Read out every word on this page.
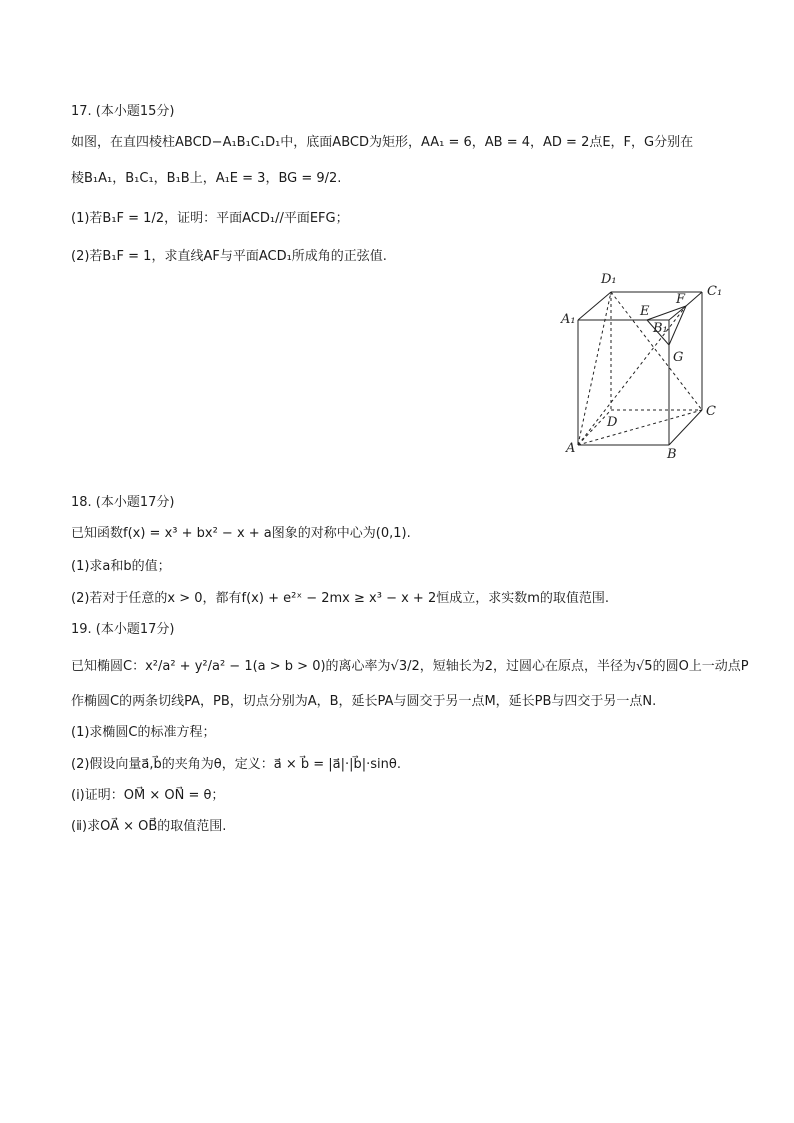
17. (本小题15分)
如图，在直四棱柱ABCD−A₁B₁C₁D₁中，底面ABCD为矩形，AA₁ = 6，AB = 4，AD = 2点E，F，G分别在
棱B₁A₁，B₁C₁，B₁B上，A₁E = 3，BG = 9/2.
(1)若B₁F = 1/2，证明：平面ACD₁//平面EFG；
(2)若B₁F = 1，求直线AF与平面ACD₁所成角的正弦值.
D₁
C₁
A₁
E
F
B₁
G
C
D
A	B
18. (本小题17分)
已知函数f(x) = x³ + bx² − x + a图象的对称中心为(0,1).
(1)求a和b的值；
(2)若对于任意的x > 0，都有f(x) + e²ˣ − 2mx ≥ x³ − x + 2恒成立，求实数m的取值范围.
19. (本小题17分)
已知椭圆C：x²/a² + y²/a² − 1(a > b > 0)的离心率为√3/2，短轴长为2，过圆心在原点，半径为√5的圆O上一动点P
作椭圆C的两条切线PA，PB，切点分别为A，B，延长PA与圆交于另一点M，延长PB与四交于另一点N.
(1)求椭圆C的标准方程；
(2)假设向量a⃗,b⃗的夹角为θ，定义：a⃗ × b⃗ = |a⃗|·|b⃗|·sinθ.
(ⅰ)证明：OM⃗ × ON⃗ = θ；
(ⅱ)求OA⃗ × OB⃗的取值范围.
